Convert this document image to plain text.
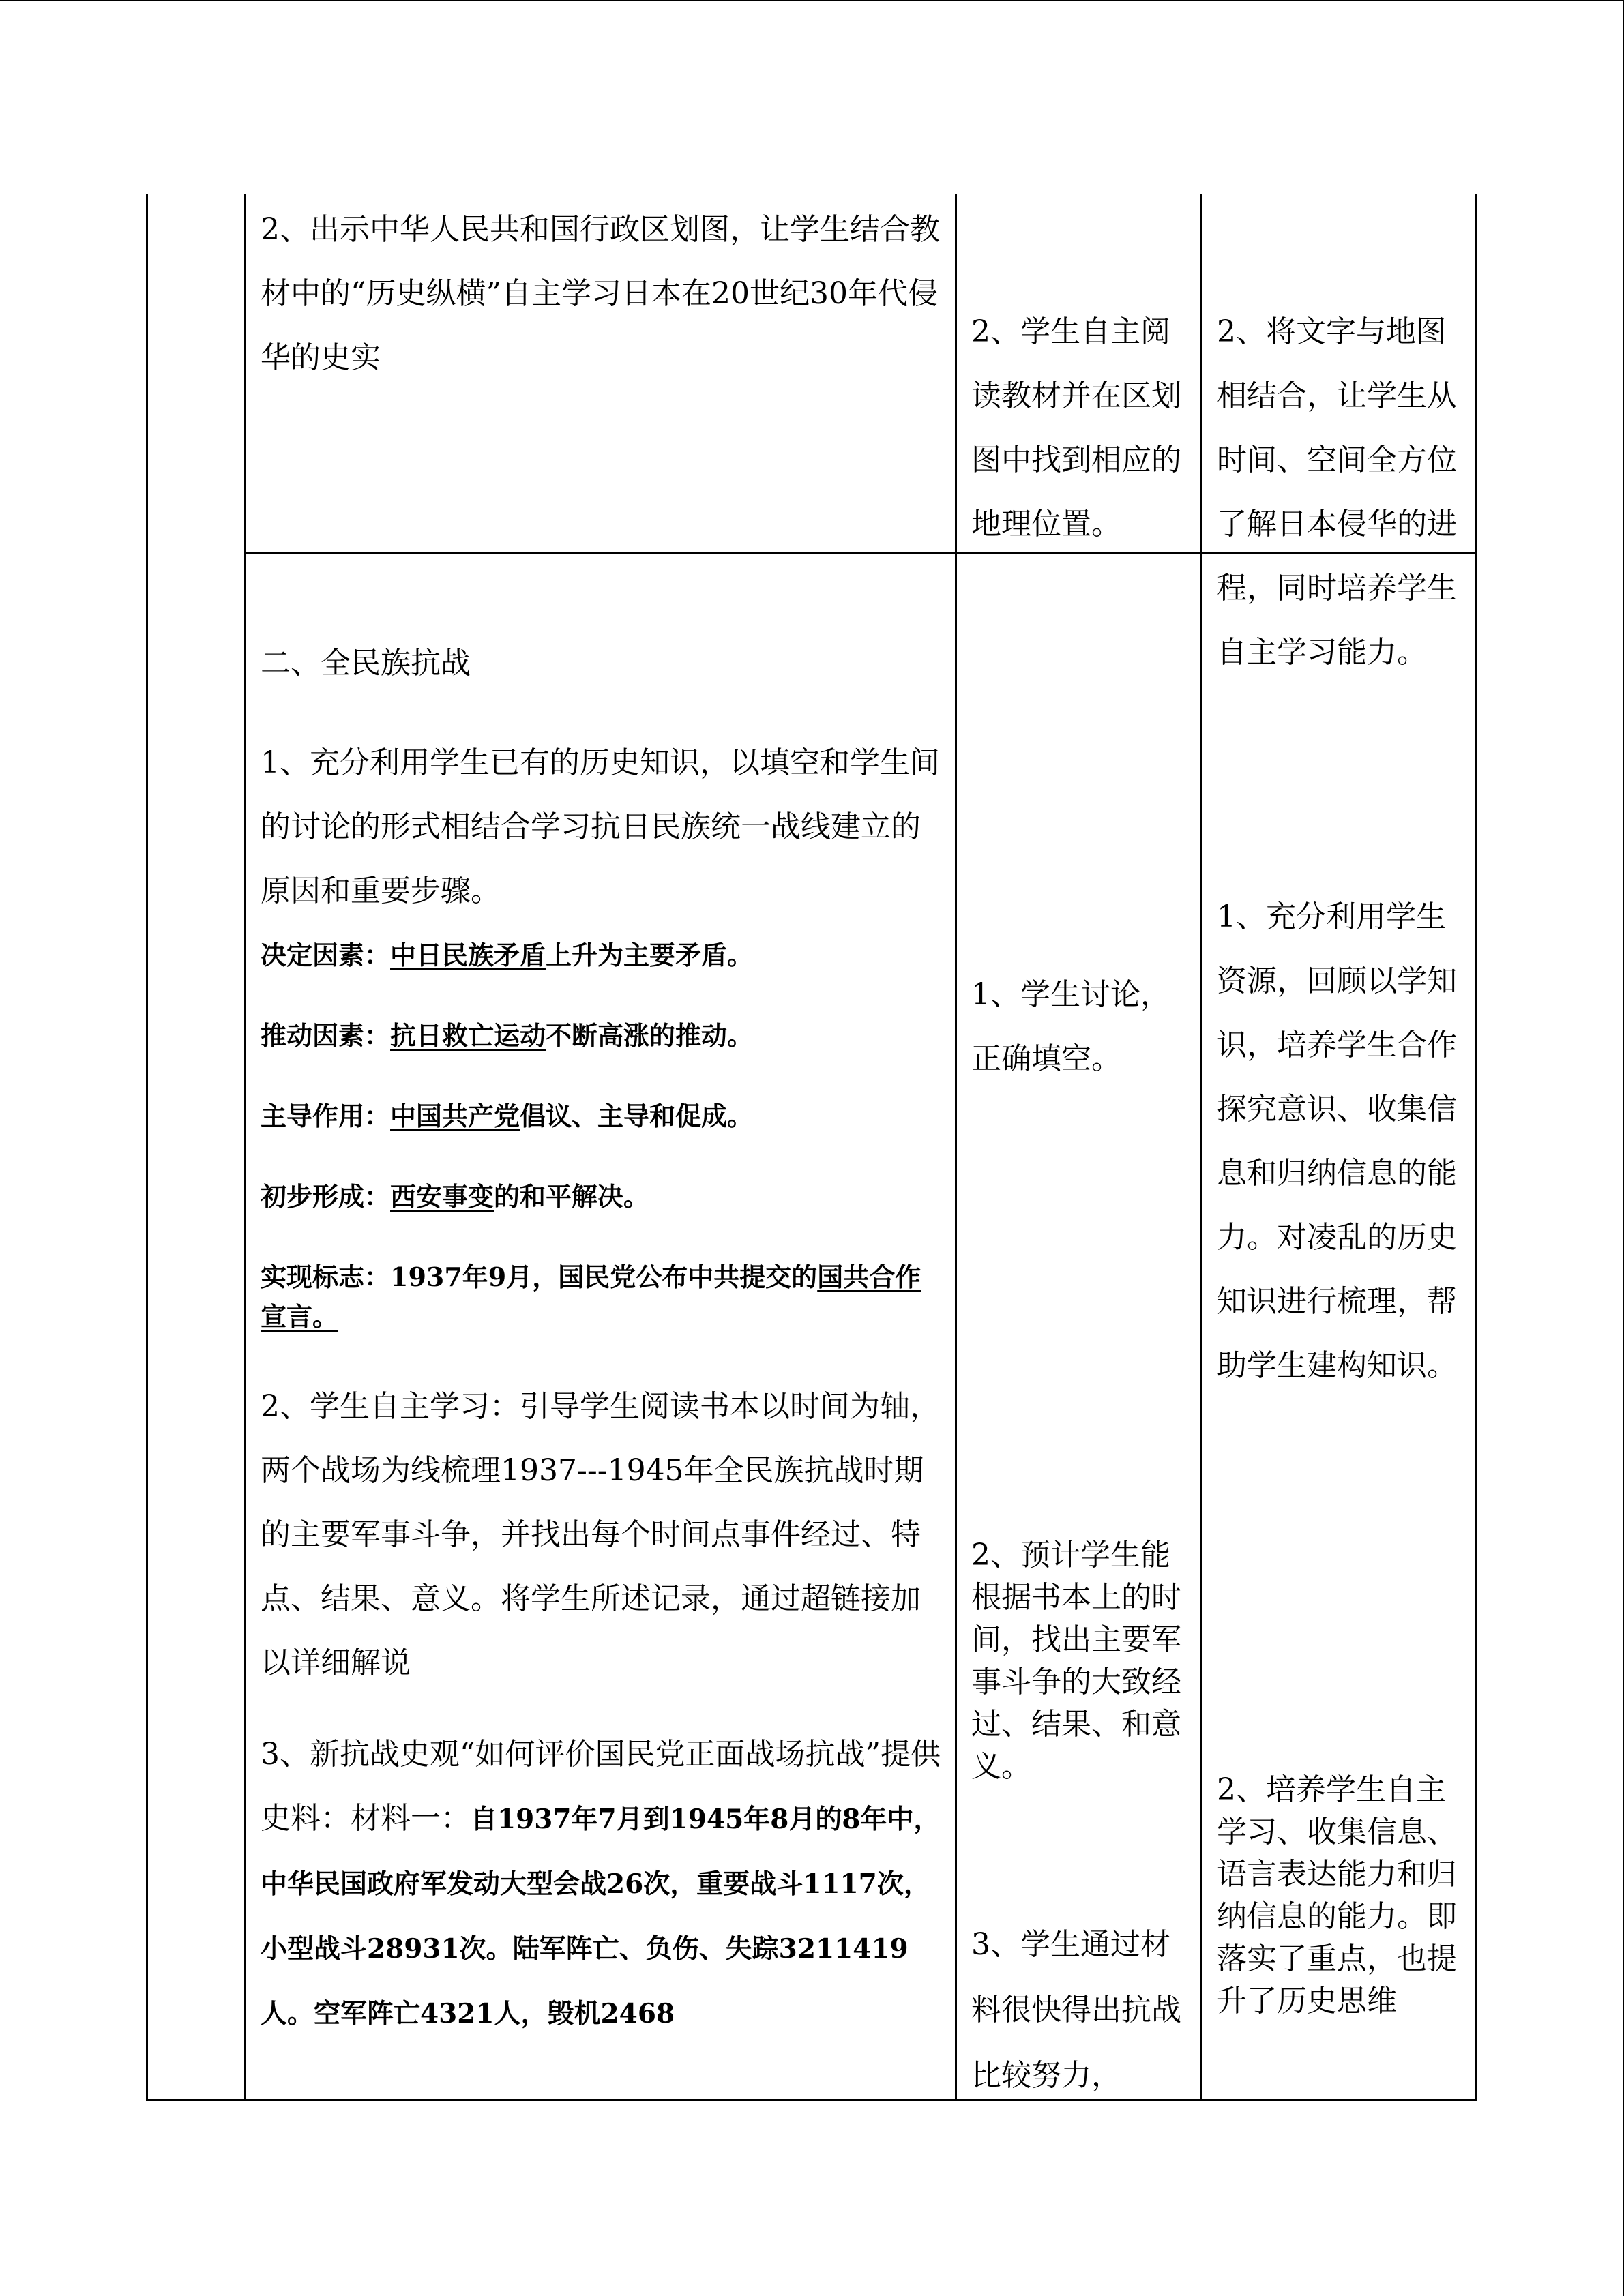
2、出示中华人民共和国行政区划图，让学生结合教材中的“历史纵横”自主学习日本在20世纪30年代侵华的史实

二、全民族抗战

1、充分利用学生已有的历史知识，以填空和学生间的讨论的形式相结合学习抗日民族统一战线建立的原因和重要步骤。

决定因素：中日民族矛盾上升为主要矛盾。

推动因素：抗日救亡运动不断高涨的推动。

主导作用：中国共产党倡议、主导和促成。

初步形成：西安事变的和平解决。

实现标志：1937年9月，国民党公布中共提交的国共合作宣言。

2、学生自主学习：引导学生阅读书本以时间为轴，两个战场为线梳理1937---1945年全民族抗战时期的主要军事斗争，并找出每个时间点事件经过、特点、结果、意义。将学生所述记录，通过超链接加以详细解说

3、新抗战史观“如何评价国民党正面战场抗战”提供史料：材料一：自1937年7月到1945年8月的8年中，中华民国政府军发动大型会战26次，重要战斗1117次，小型战斗28931次。陆军阵亡、负伤、失踪3211419人。空军阵亡4321人，毁机2468

2、学生自主阅读教材并在区划图中找到相应的地理位置。

1、学生讨论，正确填空。

2、预计学生能根据书本上的时间，找出主要军事斗争的大致经过、结果、和意义。

3、学生通过材料很快得出抗战比较努力，

2、将文字与地图相结合，让学生从时间、空间全方位了解日本侵华的进程，同时培养学生自主学习能力。

1、充分利用学生资源，回顾以学知识，培养学生合作探究意识、收集信息和归纳信息的能力。对凌乱的历史知识进行梳理，帮助学生建构知识。

2、培养学生自主学习、收集信息、语言表达能力和归纳信息的能力。即落实了重点，也提升了历史思维
